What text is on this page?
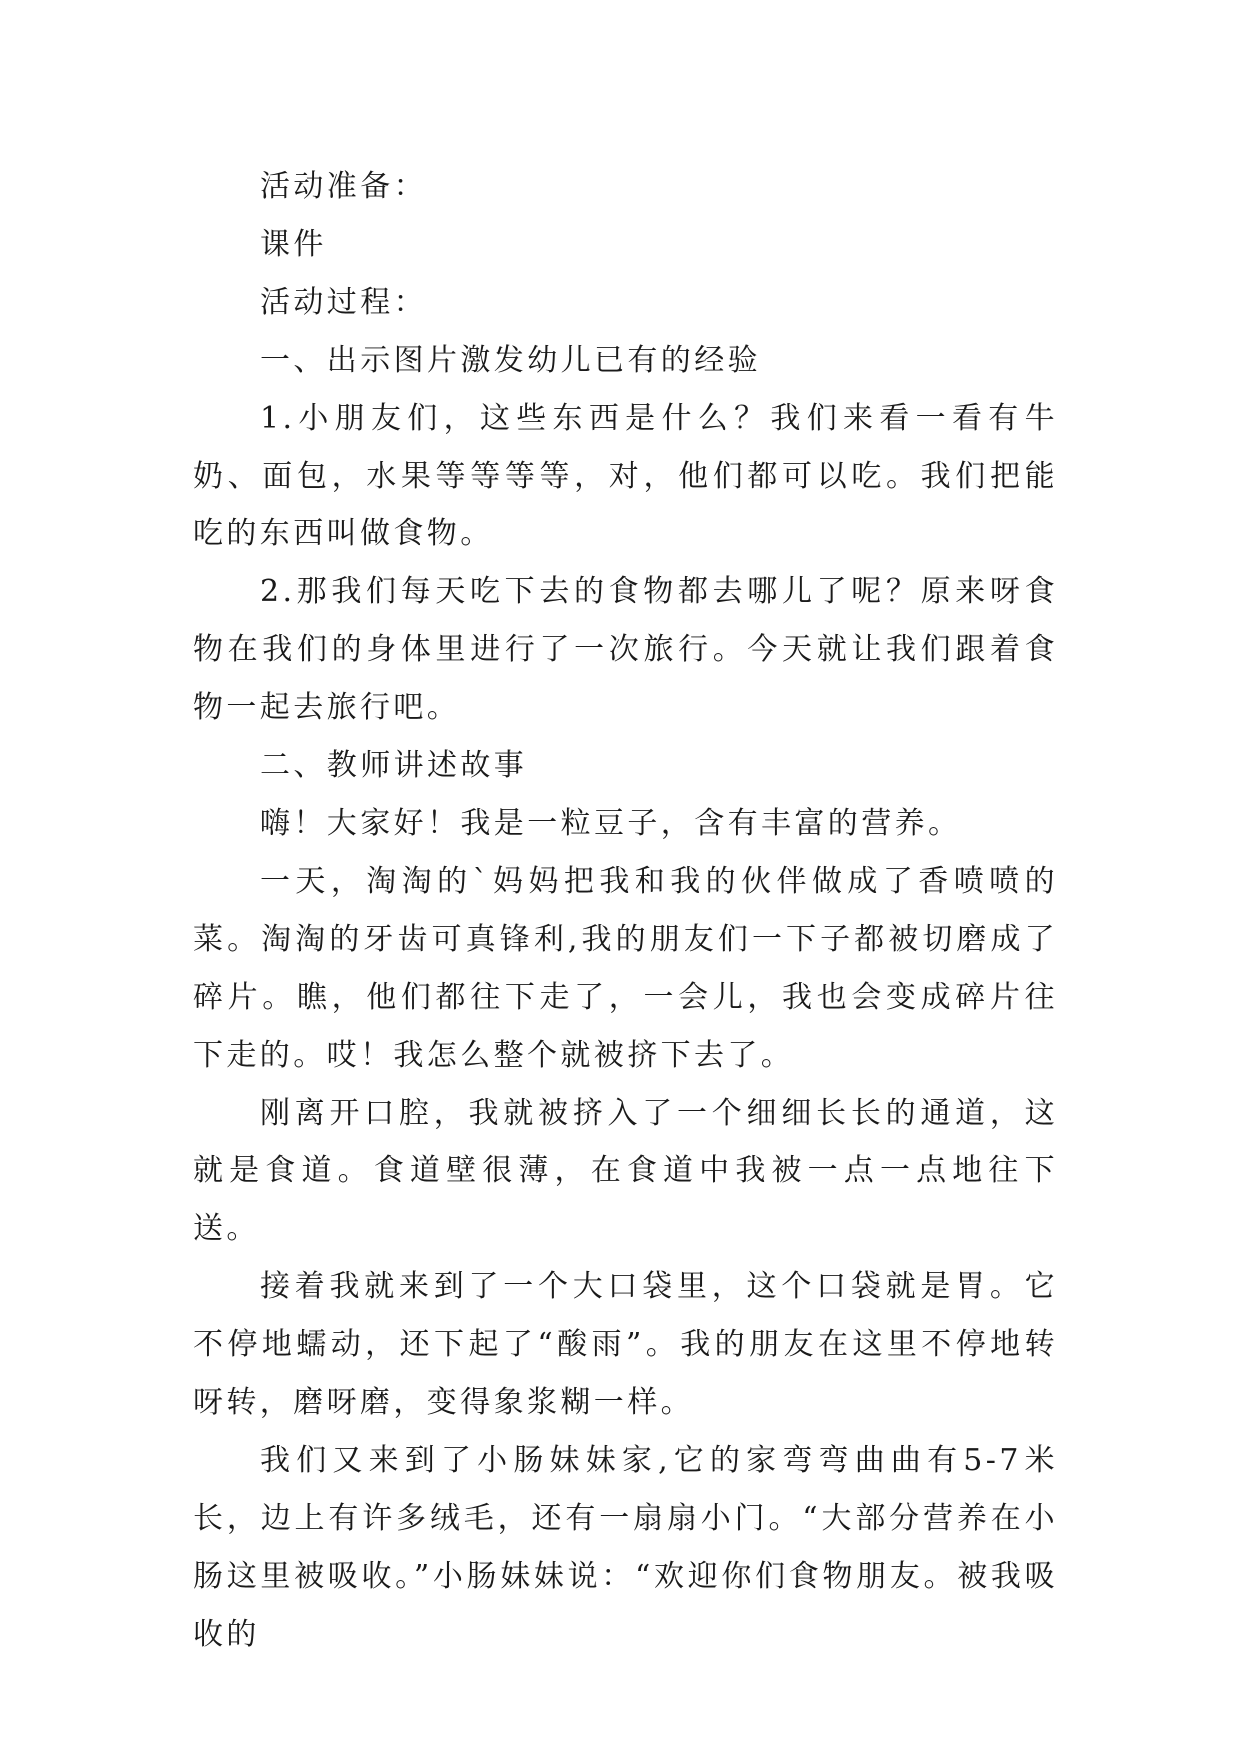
活动准备：

课件

活动过程：

一、出示图片激发幼儿已有的经验

1.小朋友们，这些东西是什么？我们来看一看有牛奶、面包，水果等等等等，对，他们都可以吃。我们把能吃的东西叫做食物。

2.那我们每天吃下去的食物都去哪儿了呢？原来呀食物在我们的身体里进行了一次旅行。今天就让我们跟着食物一起去旅行吧。

二、教师讲述故事

嗨！大家好！我是一粒豆子，含有丰富的营养。

一天，淘淘的`妈妈把我和我的伙伴做成了香喷喷的菜。淘淘的牙齿可真锋利,我的朋友们一下子都被切磨成了碎片。瞧，他们都往下走了，一会儿，我也会变成碎片往下走的。哎！我怎么整个就被挤下去了。

刚离开口腔，我就被挤入了一个细细长长的通道，这就是食道。食道壁很薄，在食道中我被一点一点地往下送。

接着我就来到了一个大口袋里，这个口袋就是胃。它不停地蠕动，还下起了“酸雨”。我的朋友在这里不停地转呀转，磨呀磨，变得象浆糊一样。

我们又来到了小肠妹妹家,它的家弯弯曲曲有5-7米长，边上有许多绒毛，还有一扇扇小门。“大部分营养在小肠这里被吸收。”小肠妹妹说：“欢迎你们食物朋友。被我吸收的
